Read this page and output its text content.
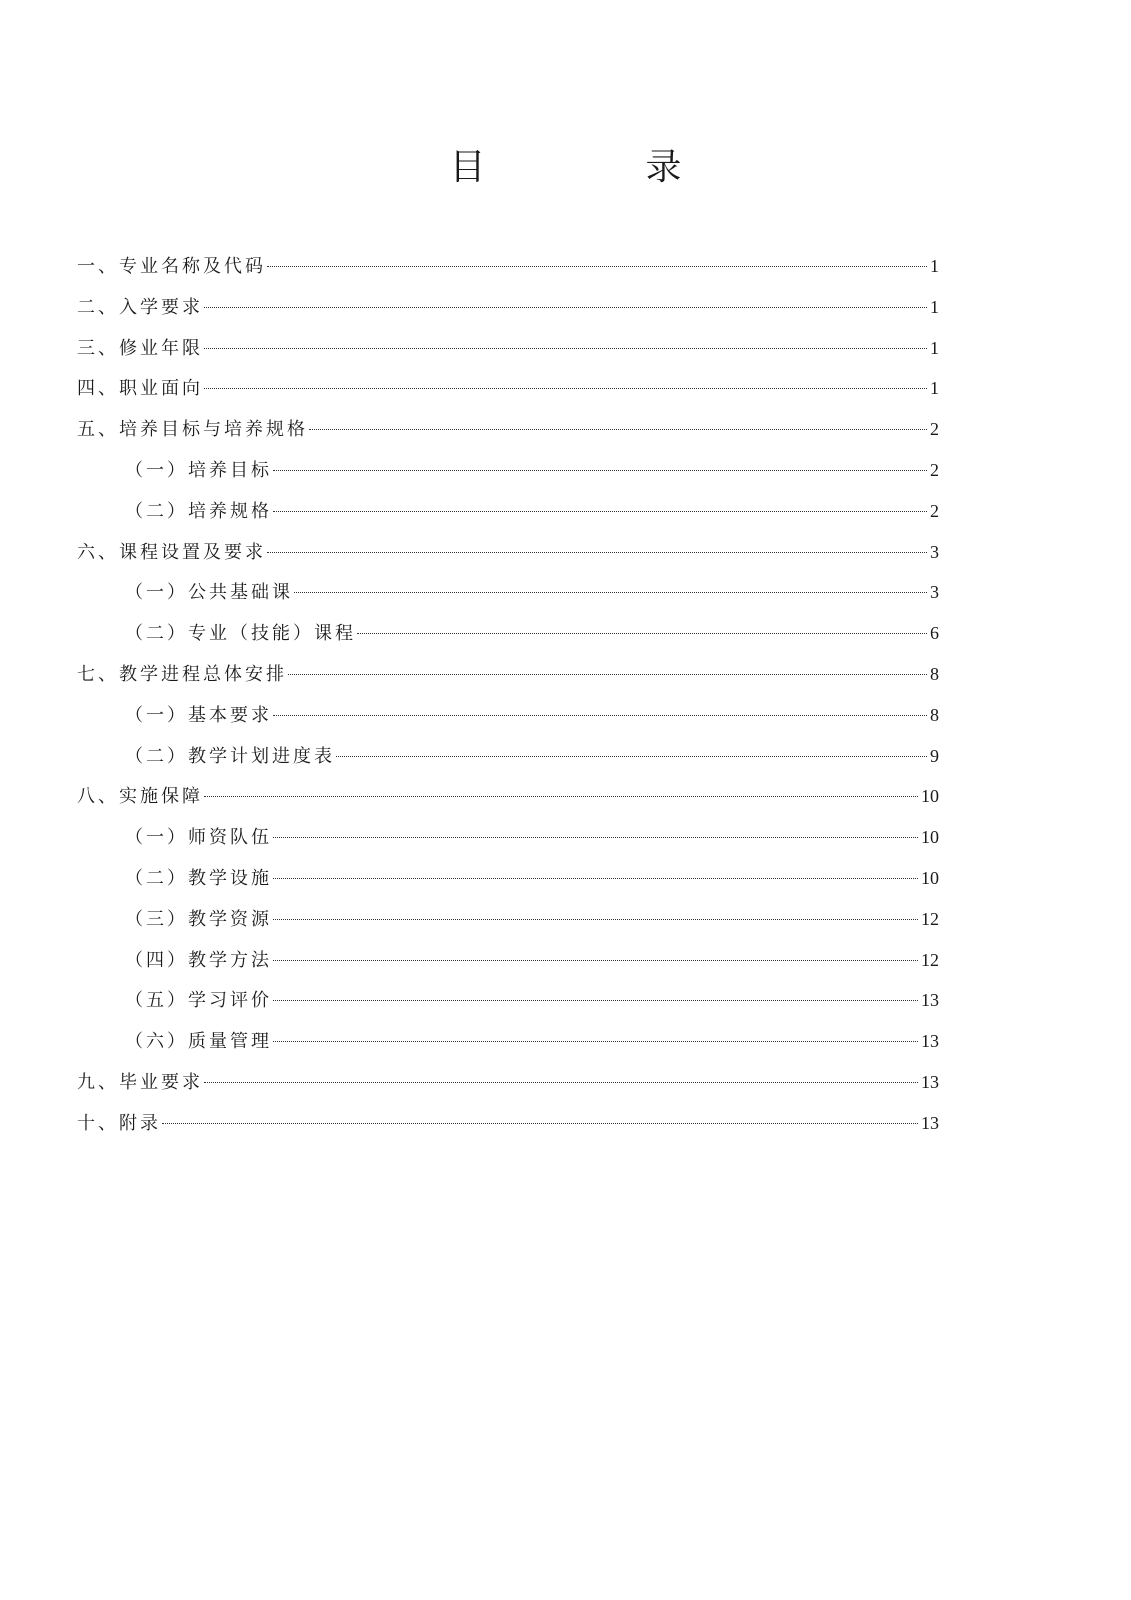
目　录
一、专业名称及代码	1
二、入学要求	1
三、修业年限	1
四、职业面向	1
五、培养目标与培养规格	2
（一）培养目标	2
（二）培养规格	2
六、课程设置及要求	3
（一）公共基础课	3
（二）专业（技能）课程	6
七、教学进程总体安排	8
（一）基本要求	8
（二）教学计划进度表	9
八、实施保障	10
（一）师资队伍	10
（二）教学设施	10
（三）教学资源	12
（四）教学方法	12
（五）学习评价	13
（六）质量管理	13
九、毕业要求	13
十、附录	13
